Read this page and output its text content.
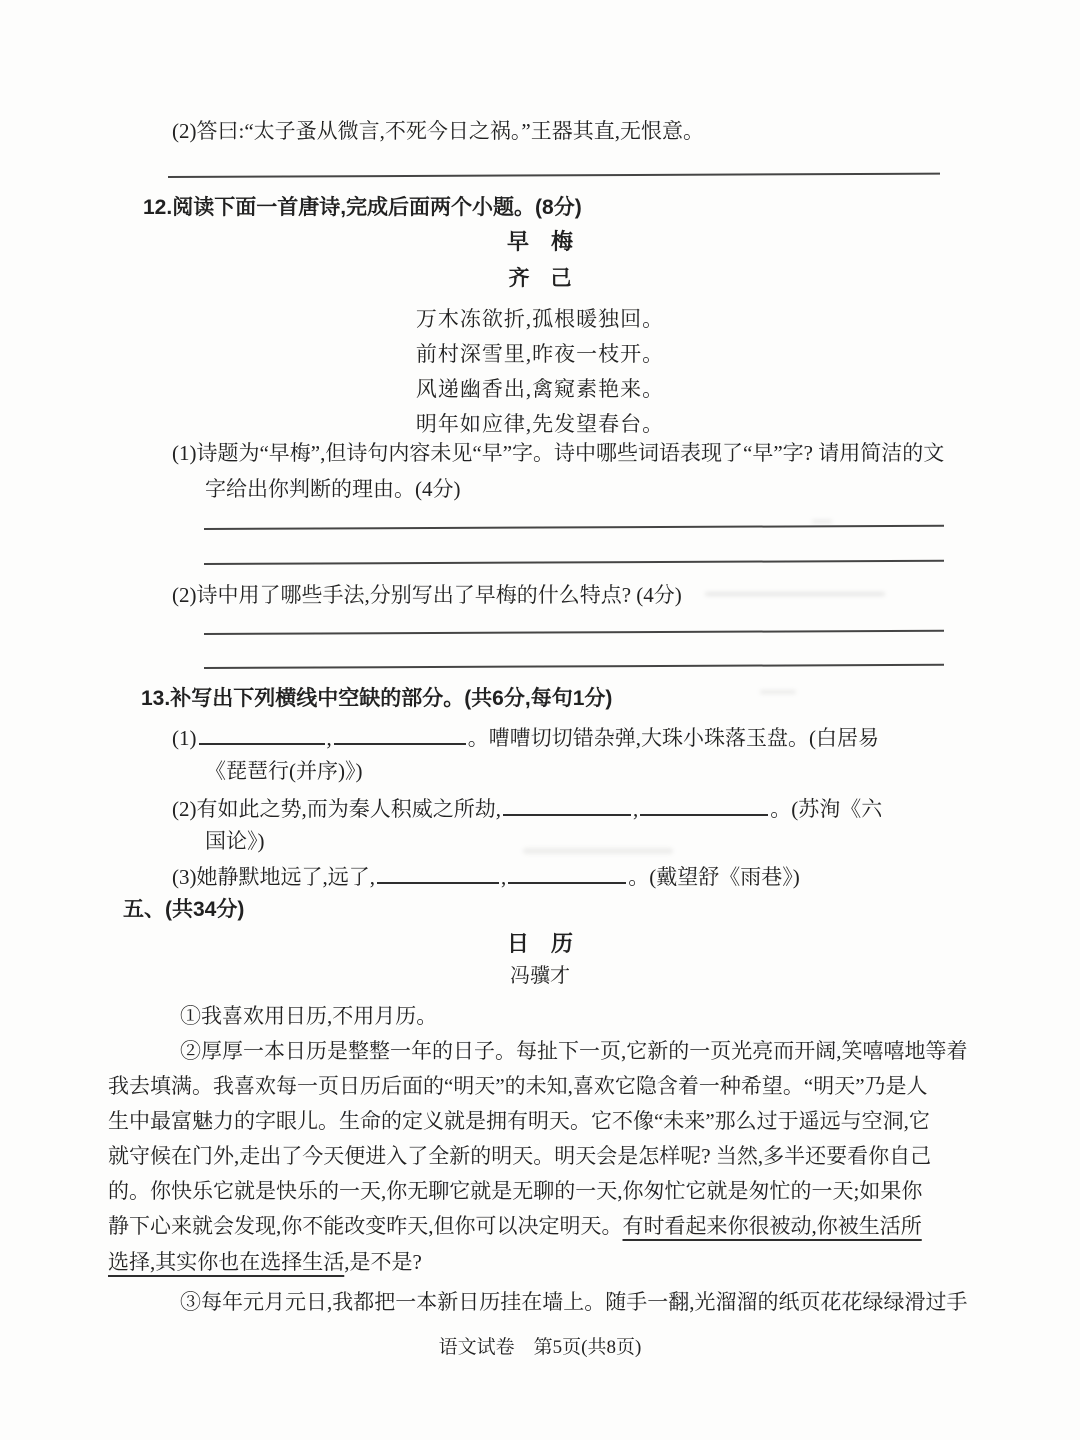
(2)答曰:“太子蚤从微言,不死今日之祸。”王器其直,无恨意。
12.阅读下面一首唐诗,完成后面两个小题。(8分)
早　梅
齐　己
万木冻欲折,孤根暖独回。
前村深雪里,昨夜一枝开。
风递幽香出,禽窥素艳来。
明年如应律,先发望春台。
(1)诗题为“早梅”,但诗句内容未见“早”字。诗中哪些词语表现了“早”字? 请用简洁的文
字给出你判断的理由。(4分)
(2)诗中用了哪些手法,分别写出了早梅的什么特点? (4分)
13.补写出下列横线中空缺的部分。(共6分,每句1分)
(1)	,	。嘈嘈切切错杂弹,大珠小珠落玉盘。(白居易
《琵琶行(并序)》)
(2)有如此之势,而为秦人积威之所劫,	,	。(苏洵《六
国论》)
(3)她静默地远了,远了,	,	。(戴望舒《雨巷》)
五、(共34分)
日　历
冯骥才
①我喜欢用日历,不用月历。
②厚厚一本日历是整整一年的日子。每扯下一页,它新的一页光亮而开阔,笑嘻嘻地等着
我去填满。我喜欢每一页日历后面的“明天”的未知,喜欢它隐含着一种希望。“明天”乃是人
生中最富魅力的字眼儿。生命的定义就是拥有明天。它不像“未来”那么过于遥远与空洞,它
就守候在门外,走出了今天便进入了全新的明天。明天会是怎样呢? 当然,多半还要看你自己
的。你快乐它就是快乐的一天,你无聊它就是无聊的一天,你匆忙它就是匆忙的一天;如果你
静下心来就会发现,你不能改变昨天,但你可以决定明天。有时看起来你很被动,你被生活所
选择,其实你也在选择生活,是不是?
③每年元月元日,我都把一本新日历挂在墙上。随手一翻,光溜溜的纸页花花绿绿滑过手
语文试卷　第5页(共8页)
